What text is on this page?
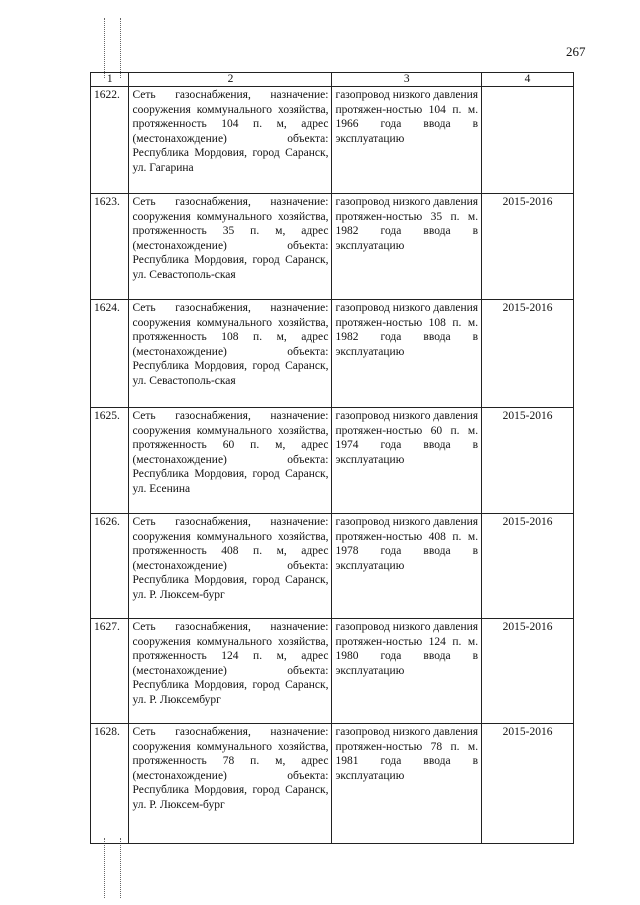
267
1	2	3	4
1622.	Сеть газоснабжения, назначение: сооружения коммунального хозяйства, протяженность 104 п. м, адрес (местонахождение) объекта: Республика Мордовия, город Саранск, ул. Гагарина	газопровод низкого давления протяжен-ностью 104 п. м. 1966 года ввода в эксплуатацию	
1623.	Сеть газоснабжения, назначение: сооружения коммунального хозяйства, протяженность 35 п. м, адрес (местонахождение) объекта: Республика Мордовия, город Саранск, ул. Севастополь-ская	газопровод низкого давления протяжен-ностью 35 п. м. 1982 года ввода в эксплуатацию	2015-2016
1624.	Сеть газоснабжения, назначение: сооружения коммунального хозяйства, протяженность 108 п. м, адрес (местонахождение) объекта: Республика Мордовия, город Саранск, ул. Севастополь-ская	газопровод низкого давления протяжен-ностью 108 п. м. 1982 года ввода в эксплуатацию	2015-2016
1625.	Сеть газоснабжения, назначение: сооружения коммунального хозяйства, протяженность 60 п. м, адрес (местонахождение) объекта: Республика Мордовия, город Саранск, ул. Есенина	газопровод низкого давления протяжен-ностью 60 п. м. 1974 года ввода в эксплуатацию	2015-2016
1626.	Сеть газоснабжения, назначение: сооружения коммунального хозяйства, протяженность 408 п. м, адрес (местонахождение) объекта: Республика Мордовия, город Саранск, ул. Р. Люксем-бург	газопровод низкого давления протяжен-ностью 408 п. м. 1978 года ввода в эксплуатацию	2015-2016
1627.	Сеть газоснабжения, назначение: сооружения коммунального хозяйства, протяженность 124 п. м, адрес (местонахождение) объекта: Республика Мордовия, город Саранск, ул. Р. Люксембург	газопровод низкого давления протяжен-ностью 124 п. м. 1980 года ввода в эксплуатацию	2015-2016
1628.	Сеть газоснабжения, назначение: сооружения коммунального хозяйства, протяженность 78 п. м, адрес (местонахождение) объекта: Республика Мордовия, город Саранск, ул. Р. Люксем-бург	газопровод низкого давления протяжен-ностью 78 п. м. 1981 года ввода в эксплуатацию	2015-2016
